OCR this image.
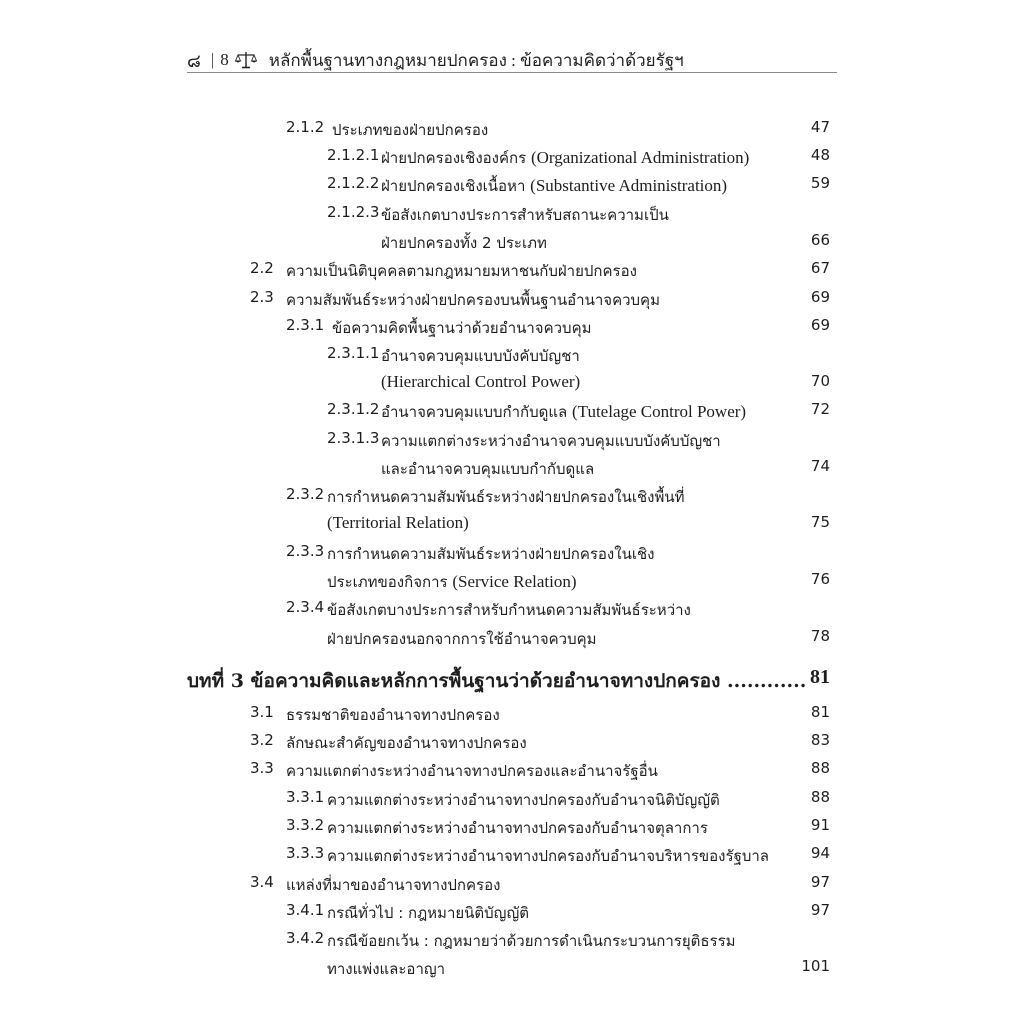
๘ | 8 หลักพื้นฐานทางกฎหมายปกครอง : ข้อความคิดว่าด้วยรัฐฯ
2.1.2 ประเภทของฝ่ายปกครอง	47
2.1.2.1 ฝ่ายปกครองเชิงองค์กร (Organizational Administration)	48
2.1.2.2 ฝ่ายปกครองเชิงเนื้อหา (Substantive Administration)	59
2.1.2.3 ข้อสังเกตบางประการสำหรับสถานะความเป็น
ฝ่ายปกครองทั้ง 2 ประเภท	66
2.2 ความเป็นนิติบุคคลตามกฎหมายมหาชนกับฝ่ายปกครอง	67
2.3 ความสัมพันธ์ระหว่างฝ่ายปกครองบนพื้นฐานอำนาจควบคุม	69
2.3.1 ข้อความคิดพื้นฐานว่าด้วยอำนาจควบคุม	69
2.3.1.1 อำนาจควบคุมแบบบังคับบัญชา
(Hierarchical Control Power)	70
2.3.1.2 อำนาจควบคุมแบบกำกับดูแล (Tutelage Control Power)	72
2.3.1.3 ความแตกต่างระหว่างอำนาจควบคุมแบบบังคับบัญชา
และอำนาจควบคุมแบบกำกับดูแล	74
2.3.2 การกำหนดความสัมพันธ์ระหว่างฝ่ายปกครองในเชิงพื้นที่
(Territorial Relation)	75
2.3.3 การกำหนดความสัมพันธ์ระหว่างฝ่ายปกครองในเชิง
ประเภทของกิจการ (Service Relation)	76
2.3.4 ข้อสังเกตบางประการสำหรับกำหนดความสัมพันธ์ระหว่าง
ฝ่ายปกครองนอกจากการใช้อำนาจควบคุม	78
บทที่ 3 ข้อความคิดและหลักการพื้นฐานว่าด้วยอำนาจทางปกครอง ............ 81
3.1 ธรรมชาติของอำนาจทางปกครอง	81
3.2 ลักษณะสำคัญของอำนาจทางปกครอง	83
3.3 ความแตกต่างระหว่างอำนาจทางปกครองและอำนาจรัฐอื่น	88
3.3.1 ความแตกต่างระหว่างอำนาจทางปกครองกับอำนาจนิติบัญญัติ	88
3.3.2 ความแตกต่างระหว่างอำนาจทางปกครองกับอำนาจตุลาการ	91
3.3.3 ความแตกต่างระหว่างอำนาจทางปกครองกับอำนาจบริหารของรัฐบาล	94
3.4 แหล่งที่มาของอำนาจทางปกครอง	97
3.4.1 กรณีทั่วไป : กฎหมายนิติบัญญัติ	97
3.4.2 กรณีข้อยกเว้น : กฎหมายว่าด้วยการดำเนินกระบวนการยุติธรรม
ทางแพ่งและอาญา	101
